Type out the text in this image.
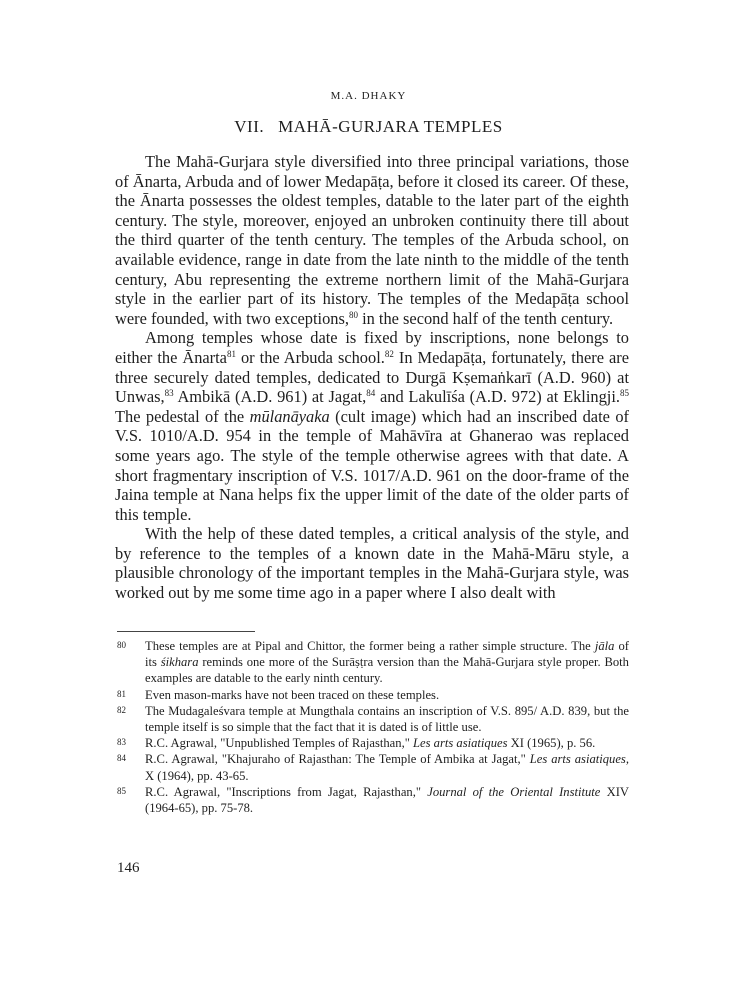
M.A. DHAKY
VII. MAHĀ-GURJARA TEMPLES

The Mahā-Gurjara style diversified into three principal variations, those of Ānarta, Arbuda and of lower Medapāṭa, before it closed its career. Of these, the Ānarta possesses the oldest temples, datable to the later part of the eighth century. The style, moreover, enjoyed an unbroken continuity there till about the third quarter of the tenth century. The temples of the Arbuda school, on available evidence, range in date from the late ninth to the middle of the tenth century, Abu representing the extreme northern limit of the Mahā-Gurjara style in the earlier part of its history. The temples of the Medapāṭa school were founded, with two exceptions,$^{80}$ in the second half of the tenth century.

Among temples whose date is fixed by inscriptions, none belongs to either the Ānarta$^{81}$ or the Arbuda school.$^{82}$ In Medapāṭa, fortunately, there are three securely dated temples, dedicated to Durgā Kṣemaṅkarī (A.D. 960) at Unwas,$^{83}$ Ambikā (A.D. 961) at Jagat,$^{84}$ and Lakulīśa (A.D. 972) at Eklingji.$^{85}$ The pedestal of the mūlanāyaka (cult image) which had an inscribed date of V.S. 1010/A.D. 954 in the temple of Mahāvīra at Ghanerao was replaced some years ago. The style of the temple otherwise agrees with that date. A short fragmentary inscription of V.S. 1017/A.D. 961 on the door-frame of the Jaina temple at Nana helps fix the upper limit of the date of the older parts of this temple.

With the help of these dated temples, a critical analysis of the style, and by reference to the temples of a known date in the Mahā-Māru style, a plausible chronology of the important temples in the Mahā-Gurjara style, was worked out by me some time ago in a paper where I also dealt with

80 These temples are at Pipal and Chittor, the former being a rather simple structure. The jāla of its śikhara reminds one more of the Surāṣṭra version than the Mahā-Gurjara style proper. Both examples are datable to the early ninth century.
81 Even mason-marks have not been traced on these temples.
82 The Mudagaleśvara temple at Mungthala contains an inscription of V.S. 895/ A.D. 839, but the temple itself is so simple that the fact that it is dated is of little use.
83 R.C. Agrawal, "Unpublished Temples of Rajasthan," Les arts asiatiques XI (1965), p. 56.
84 R.C. Agrawal, "Khajuraho of Rajasthan: The Temple of Ambika at Jagat," Les arts asiatiques, X (1964), pp. 43-65.
85 R.C. Agrawal, "Inscriptions from Jagat, Rajasthan," Journal of the Oriental Institute XIV (1964-65), pp. 75-78.
146
